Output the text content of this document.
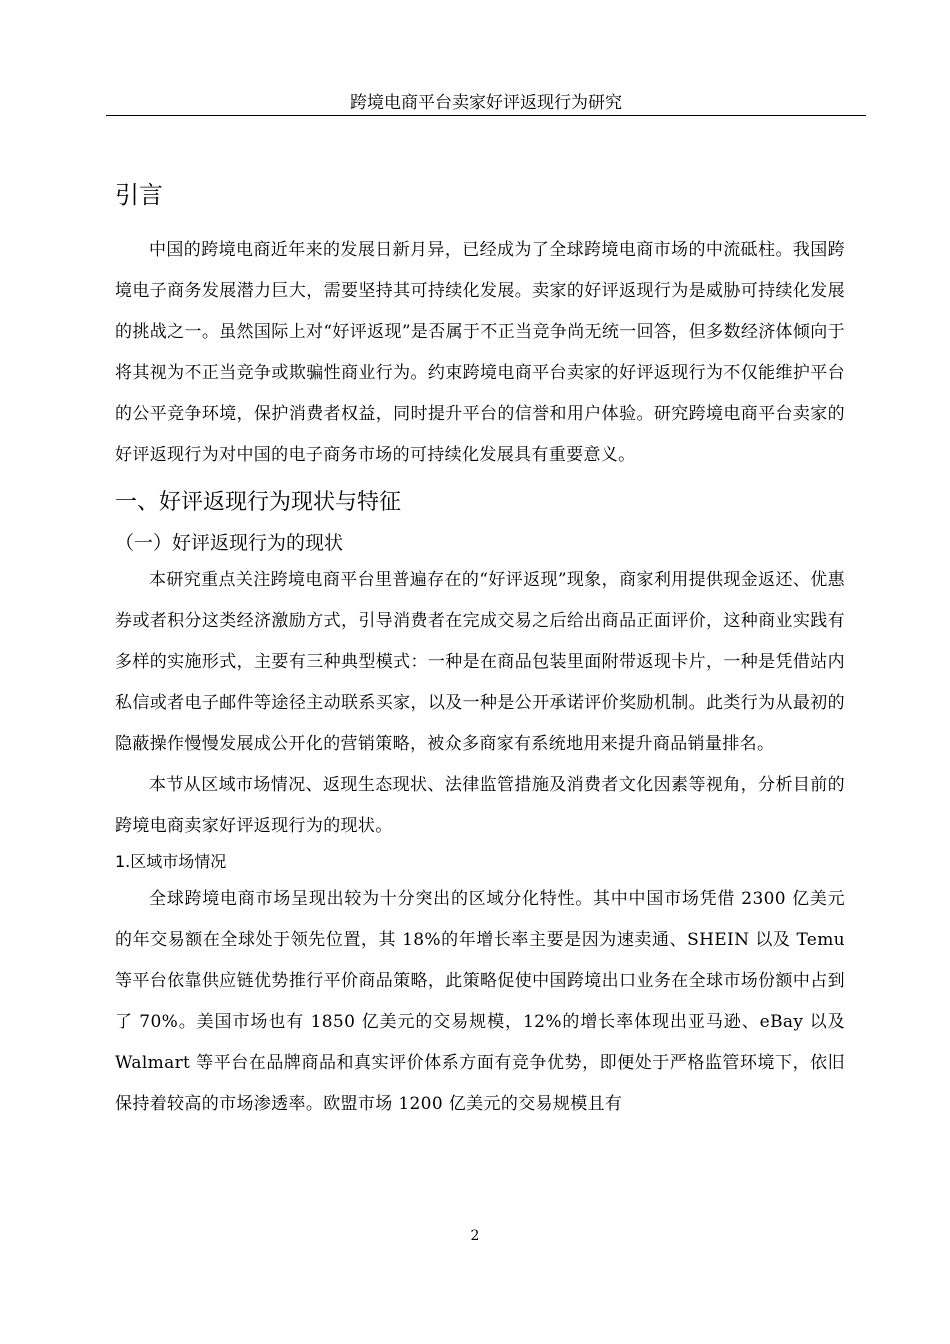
跨境电商平台卖家好评返现行为研究
引言

中国的跨境电商近年来的发展日新月异，已经成为了全球跨境电商市场的中流砥柱。我国跨境电子商务发展潜力巨大，需要坚持其可持续化发展。卖家的好评返现行为是威胁可持续化发展的挑战之一。虽然国际上对“好评返现”是否属于不正当竞争尚无统一回答，但多数经济体倾向于将其视为不正当竞争或欺骗性商业行为。约束跨境电商平台卖家的好评返现行为不仅能维护平台的公平竞争环境，保护消费者权益，同时提升平台的信誉和用户体验。研究跨境电商平台卖家的好评返现行为对中国的电子商务市场的可持续化发展具有重要意义。

一、好评返现行为现状与特征
（一）好评返现行为的现状

本研究重点关注跨境电商平台里普遍存在的“好评返现”现象，商家利用提供现金返还、优惠券或者积分这类经济激励方式，引导消费者在完成交易之后给出商品正面评价，这种商业实践有多样的实施形式，主要有三种典型模式：一种是在商品包装里面附带返现卡片，一种是凭借站内私信或者电子邮件等途径主动联系买家，以及一种是公开承诺评价奖励机制。此类行为从最初的隐蔽操作慢慢发展成公开化的营销策略，被众多商家有系统地用来提升商品销量排名。

本节从区域市场情况、返现生态现状、法律监管措施及消费者文化因素等视角，分析目前的跨境电商卖家好评返现行为的现状。

1.区域市场情况

全球跨境电商市场呈现出较为十分突出的区域分化特性。其中中国市场凭借 2300 亿美元的年交易额在全球处于领先位置，其 18%的年增长率主要是因为速卖通、SHEIN 以及 Temu 等平台依靠供应链优势推行平价商品策略，此策略促使中国跨境出口业务在全球市场份额中占到了 70%。美国市场也有 1850 亿美元的交易规模，12%的增长率体现出亚马逊、eBay 以及 Walmart 等平台在品牌商品和真实评价体系方面有竞争优势，即便处于严格监管环境下，依旧保持着较高的市场渗透率。欧盟市场 1200 亿美元的交易规模且有

2
